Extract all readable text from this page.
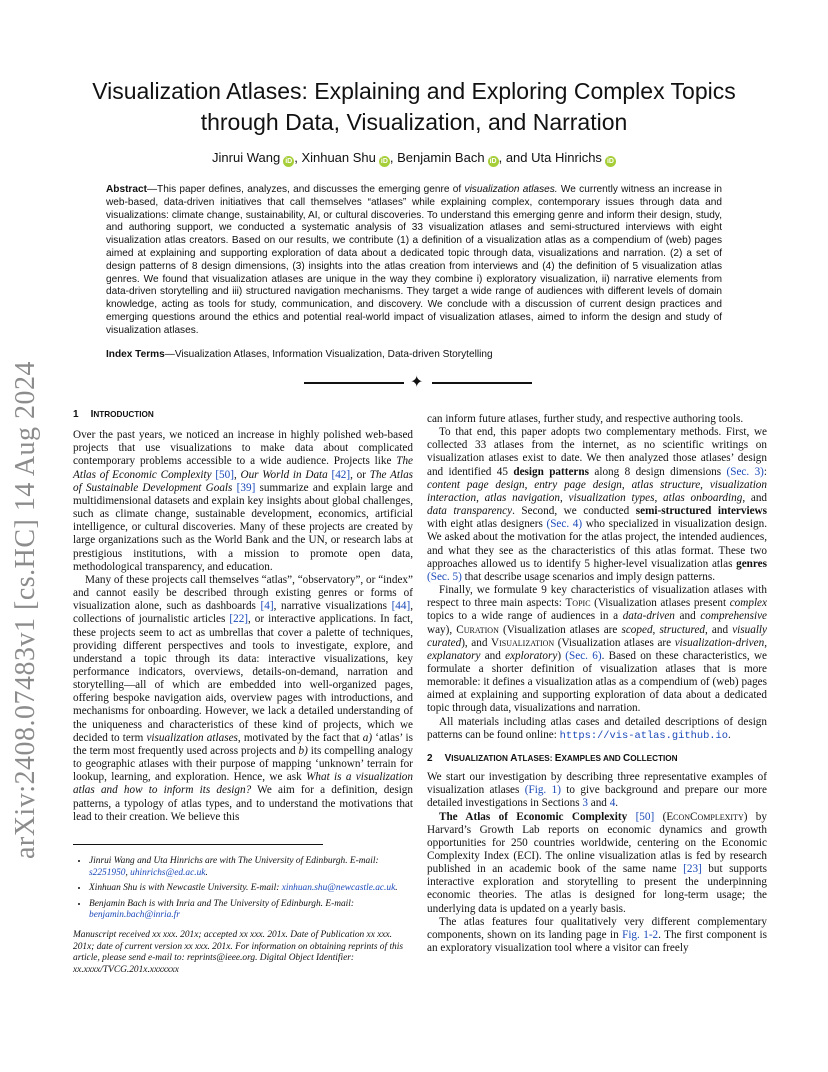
arXiv:2408.07483v1 [cs.HC] 14 Aug 2024
Visualization Atlases: Explaining and Exploring Complex Topics
through Data, Visualization, and Narration
Jinrui Wang iD , Xinhuan Shu iD , Benjamin Bach iD , and Uta Hinrichs iD
Abstract—This paper defines, analyzes, and discusses the emerging genre of visualization atlases. We currently witness an increase in web-based, data-driven initiatives that call themselves “atlases” while explaining complex, contemporary issues through data and visualizations: climate change, sustainability, AI, or cultural discoveries. To understand this emerging genre and inform their design, study, and authoring support, we conducted a systematic analysis of 33 visualization atlases and semi-structured interviews with eight visualization atlas creators. Based on our results, we contribute (1) a definition of a visualization atlas as a compendium of (web) pages aimed at explaining and supporting exploration of data about a dedicated topic through data, visualizations and narration. (2) a set of design patterns of 8 design dimensions, (3) insights into the atlas creation from interviews and (4) the definition of 5 visualization atlas genres. We found that visualization atlases are unique in the way they combine i) exploratory visualization, ii) narrative elements from data-driven storytelling and iii) structured navigation mechanisms. They target a wide range of audiences with different levels of domain knowledge, acting as tools for study, communication, and discovery. We conclude with a discussion of current design practices and emerging questions around the ethics and potential real-world impact of visualization atlases, aimed to inform the design and study of visualization atlases.
Index Terms—Visualization Atlases, Information Visualization, Data-driven Storytelling
✦

1 INTRODUCTION

Over the past years, we noticed an increase in highly polished web-based projects that use visualizations to make data about complicated contemporary problems accessible to a wide audience. Projects like The Atlas of Economic Complexity [50], Our World in Data [42], or The Atlas of Sustainable Development Goals [39] summarize and explain large and multidimensional datasets and explain key insights about global challenges, such as climate change, sustainable development, economics, artificial intelligence, or cultural discoveries. Many of these projects are created by large organizations such as the World Bank and the UN, or research labs at prestigious institutions, with a mission to promote open data, methodological transparency, and education.

Many of these projects call themselves “atlas”, “observatory”, or “index” and cannot easily be described through existing genres or forms of visualization alone, such as dashboards [4], narrative visualizations [44], collections of journalistic articles [22], or interactive applications. In fact, these projects seem to act as umbrellas that cover a palette of techniques, providing different perspectives and tools to investigate, explore, and understand a topic through its data: interactive visualizations, key performance indicators, overviews, details-on-demand, narration and storytelling—all of which are embedded into well-organized pages, offering bespoke navigation aids, overview pages with introductions, and mechanisms for onboarding. However, we lack a detailed understanding of the uniqueness and characteristics of these kind of projects, which we decided to term visualization atlases, motivated by the fact that a) ‘atlas’ is the term most frequently used across projects and b) its compelling analogy to geographic atlases with their purpose of mapping ‘unknown’ terrain for lookup, learning, and exploration. Hence, we ask What is a visualization atlas and how to inform its design? We aim for a definition, design patterns, a typology of atlas types, and to understand the motivations that lead to their creation. We believe this

• Jinrui Wang and Uta Hinrichs are with The University of Edinburgh. E-mail: s2251950, uhinrichs@ed.ac.uk.
• Xinhuan Shu is with Newcastle University. E-mail: xinhuan.shu@newcastle.ac.uk.
• Benjamin Bach is with Inria and The University of Edinburgh. E-mail: benjamin.bach@inria.fr
Manuscript received xx xxx. 201x; accepted xx xxx. 201x. Date of Publication xx xxx. 201x; date of current version xx xxx. 201x. For information on obtaining reprints of this article, please send e-mail to: reprints@ieee.org. Digital Object Identifier: xx.xxxx/TVCG.201x.xxxxxxx

can inform future atlases, further study, and respective authoring tools.

To that end, this paper adopts two complementary methods. First, we collected 33 atlases from the internet, as no scientific writings on visualization atlases exist to date. We then analyzed those atlases’ design and identified 45 design patterns along 8 design dimensions (Sec. 3): content page design, entry page design, atlas structure, visualization interaction, atlas navigation, visualization types, atlas onboarding, and data transparency. Second, we conducted semi-structured interviews with eight atlas designers (Sec. 4) who specialized in visualization design. We asked about the motivation for the atlas project, the intended audiences, and what they see as the characteristics of this atlas format. These two approaches allowed us to identify 5 higher-level visualization atlas genres (Sec. 5) that describe usage scenarios and imply design patterns.

Finally, we formulate 9 key characteristics of visualization atlases with respect to three main aspects: Topic (Visualization atlases present complex topics to a wide range of audiences in a data-driven and comprehensive way), Curation (Visualization atlases are scoped, structured, and visually curated), and Visualization (Visualization atlases are visualization-driven, explanatory and exploratory) (Sec. 6). Based on these characteristics, we formulate a shorter definition of visualization atlases that is more memorable: it defines a visualization atlas as a compendium of (web) pages aimed at explaining and supporting exploration of data about a dedicated topic through data, visualizations and narration.

All materials including atlas cases and detailed descriptions of design patterns can be found online: https://vis-atlas.github.io.

2 VISUALIZATION ATLASES: EXAMPLES AND COLLECTION

We start our investigation by describing three representative examples of visualization atlases (Fig. 1) to give background and prepare our more detailed investigations in Sections 3 and 4.

The Atlas of Economic Complexity [50] (EconComplexity) by Harvard’s Growth Lab reports on economic dynamics and growth opportunities for 250 countries worldwide, centering on the Economic Complexity Index (ECI). The online visualization atlas is fed by research published in an academic book of the same name [23] but supports interactive exploration and storytelling to present the underpinning economic theories. The atlas is designed for long-term usage; the underlying data is updated on a yearly basis.

The atlas features four qualitatively very different complementary components, shown on its landing page in Fig. 1-2. The first component is an exploratory visualization tool where a visitor can freely
